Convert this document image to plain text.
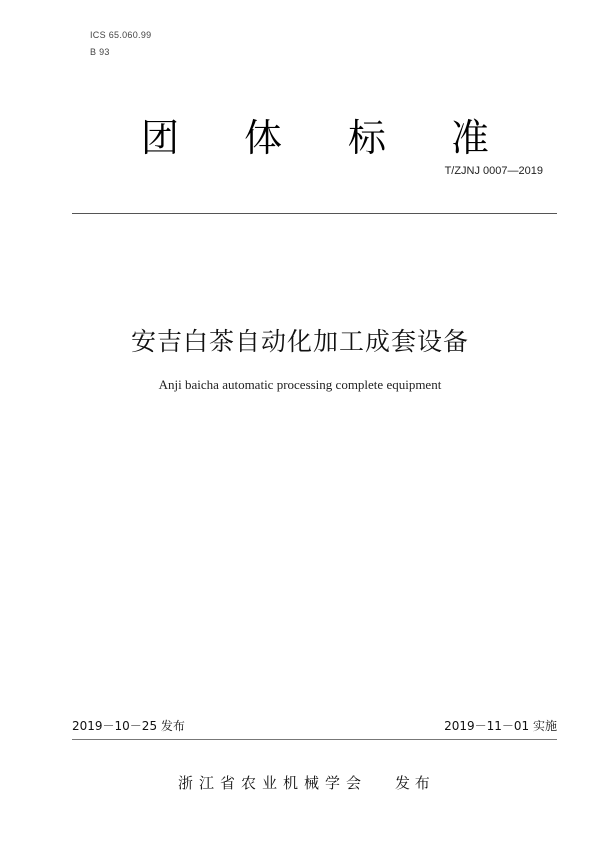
ICS 65.060.99
B 93
团 体 标 准
T/ZJNJ 0007—2019
安吉白茶自动化加工成套设备
Anji baicha automatic processing complete equipment
2019－10－25 发布	2019－11－01 实施
浙江省农业机械学会 发 布
